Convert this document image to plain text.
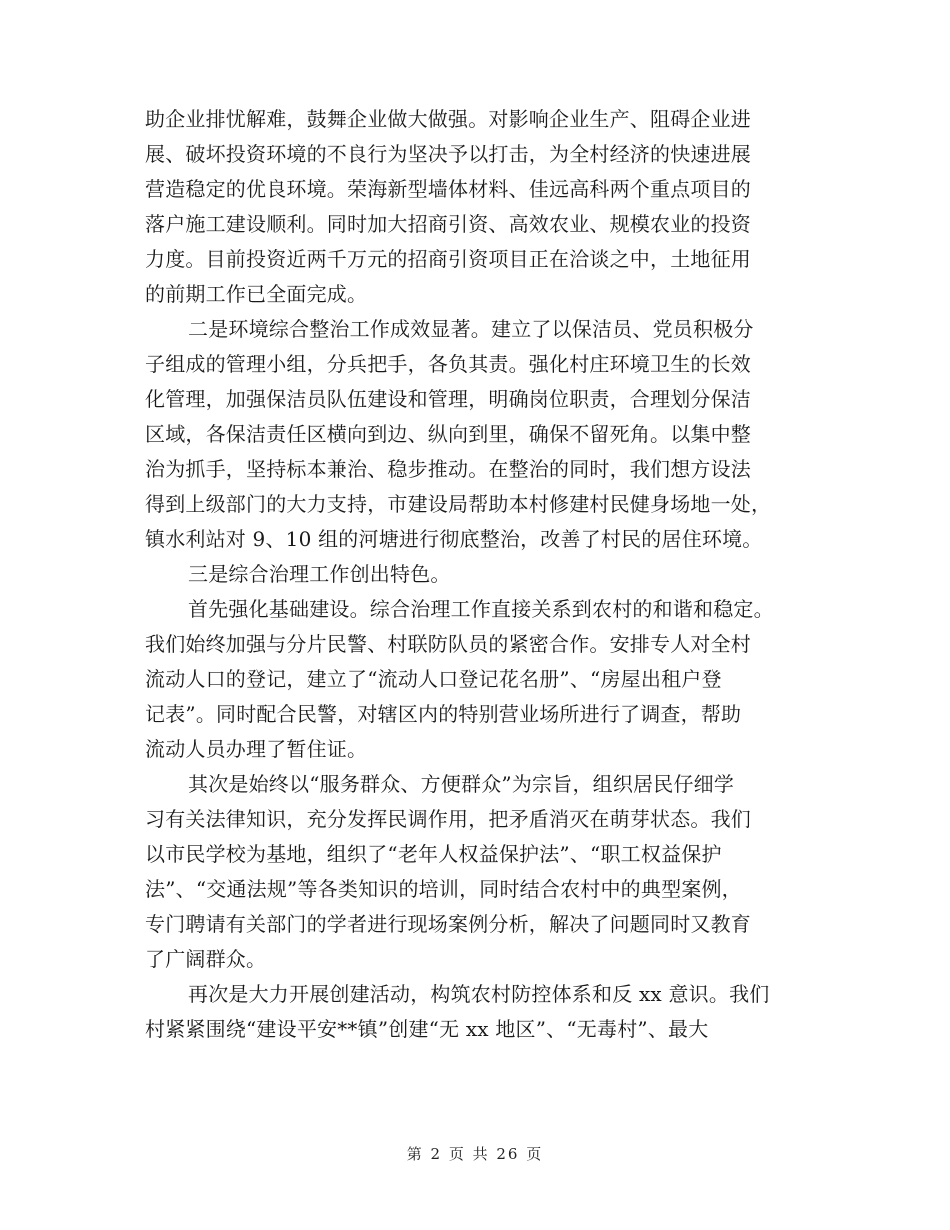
助企业排忧解难，鼓舞企业做大做强。对影响企业生产、阻碍企业进
展、破坏投资环境的不良行为坚决予以打击，为全村经济的快速进展
营造稳定的优良环境。荣海新型墙体材料、佳远高科两个重点项目的
落户施工建设顺利。同时加大招商引资、高效农业、规模农业的投资
力度。目前投资近两千万元的招商引资项目正在洽谈之中，土地征用
的前期工作已全面完成。

二是环境综合整治工作成效显著。建立了以保洁员、党员积极分
子组成的管理小组，分兵把手，各负其责。强化村庄环境卫生的长效
化管理，加强保洁员队伍建设和管理，明确岗位职责，合理划分保洁
区域，各保洁责任区横向到边、纵向到里，确保不留死角。以集中整
治为抓手，坚持标本兼治、稳步推动。在整治的同时，我们想方设法
得到上级部门的大力支持，市建设局帮助本村修建村民健身场地一处，
镇水利站对 9、10 组的河塘进行彻底整治，改善了村民的居住环境。

三是综合治理工作创出特色。

首先强化基础建设。综合治理工作直接关系到农村的和谐和稳定。
我们始终加强与分片民警、村联防队员的紧密合作。安排专人对全村
流动人口的登记，建立了“流动人口登记花名册”、“房屋出租户登
记表”。同时配合民警，对辖区内的特别营业场所进行了调查，帮助
流动人员办理了暂住证。

其次是始终以“服务群众、方便群众”为宗旨，组织居民仔细学
习有关法律知识，充分发挥民调作用，把矛盾消灭在萌芽状态。我们
以市民学校为基地，组织了“老年人权益保护法”、“职工权益保护
法”、“交通法规”等各类知识的培训，同时结合农村中的典型案例，
专门聘请有关部门的学者进行现场案例分析，解决了问题同时又教育
了广阔群众。

再次是大力开展创建活动，构筑农村防控体系和反 xx 意识。我们
村紧紧围绕“建设平安**镇”创建“无 xx 地区”、“无毒村”、最大

第 2 页 共 26 页
